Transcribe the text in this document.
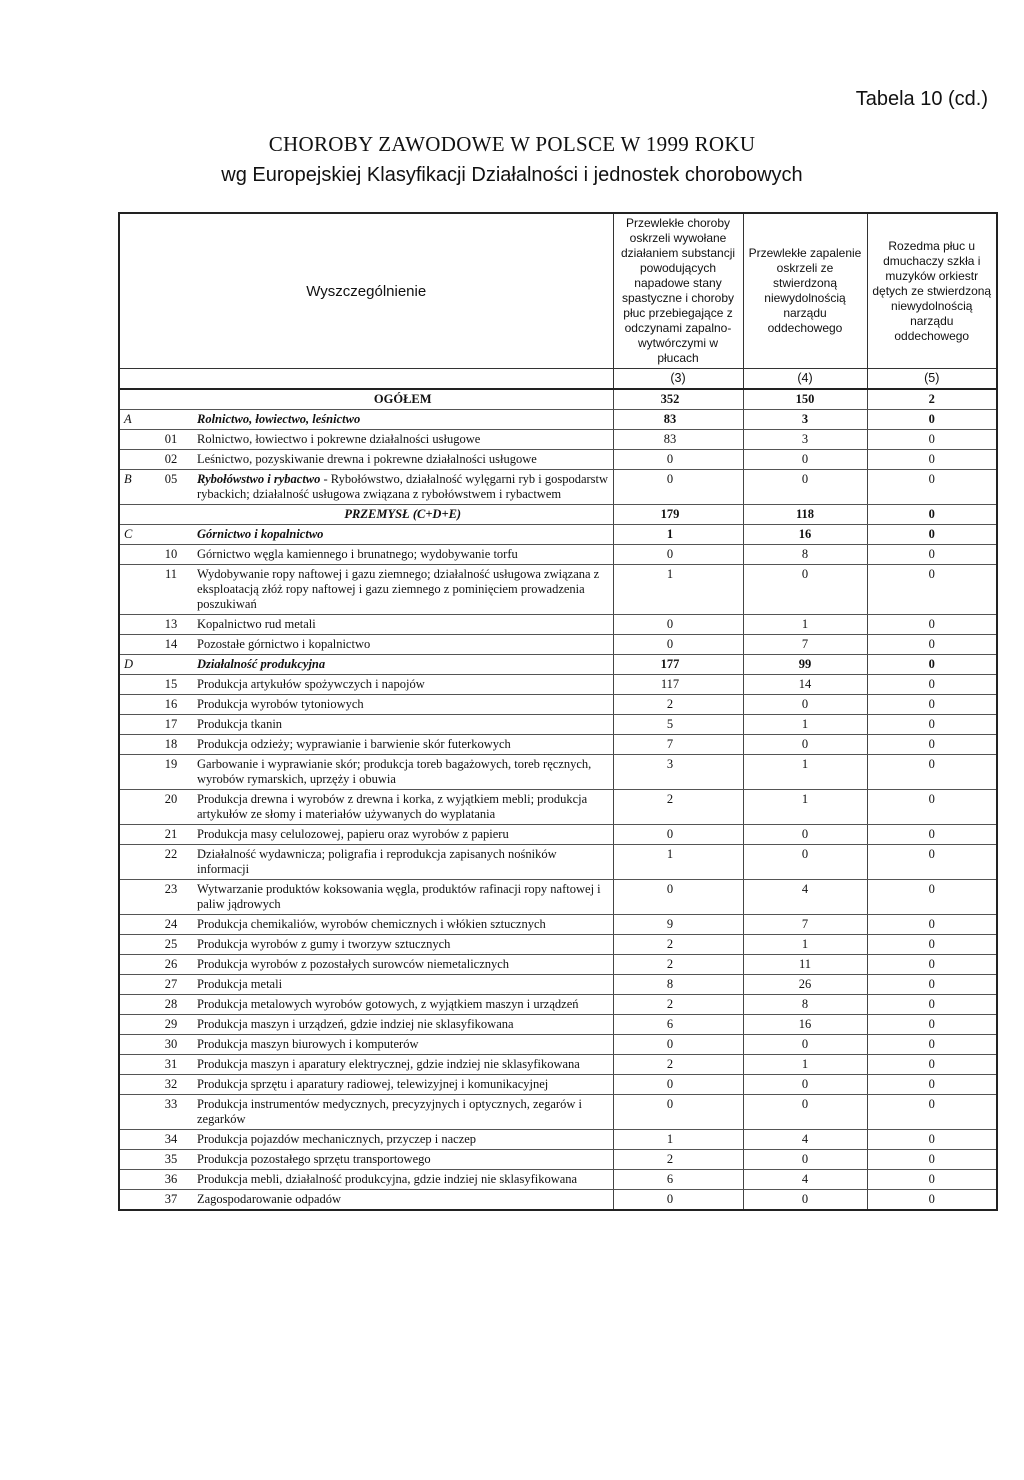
Tabela 10 (cd.)
CHOROBY ZAWODOWE W POLSCE W 1999 ROKU
wg Europejskiej Klasyfikacji Działalności i jednostek chorobowych
Wyszczególnienie			Przewlekłe choroby oskrzeli wywołane działaniem substancji powodujących napadowe stany spastyczne i choroby płuc przebiegające z odczynami zapalno-wytwórczymi w płucach	Przewlekłe zapalenie oskrzeli ze stwierdzoną niewydolnością narządu oddechowego	Rozedma płuc u dmuchaczy szkła i muzyków orkiestr dętych ze stwierdzoną niewydolnością narządu oddechowego
			(3)	(4)	(5)
		OGÓŁEM	352	150	2
A		Rolnictwo, łowiectwo, leśnictwo	83	3	0
	01	Rolnictwo, łowiectwo i pokrewne działalności usługowe	83	3	0
	02	Leśnictwo, pozyskiwanie drewna i pokrewne działalności usługowe	0	0	0
B	05	Rybołówstwo i rybactwo - Rybołówstwo, działalność wylęgarni ryb i gospodarstw rybackich; działalność usługowa związana z rybołówstwem i rybactwem	0	0	0
		PRZEMYSŁ (C+D+E)	179	118	0
C		Górnictwo i kopalnictwo	1	16	0
	10	Górnictwo węgla kamiennego i brunatnego; wydobywanie torfu	0	8	0
	11	Wydobywanie ropy naftowej i gazu ziemnego; działalność usługowa związana z eksploatacją złóż ropy naftowej i gazu ziemnego z pominięciem prowadzenia poszukiwań	1	0	0
	13	Kopalnictwo rud metali	0	1	0
	14	Pozostałe górnictwo i kopalnictwo	0	7	0
D		Działalność produkcyjna	177	99	0
	15	Produkcja artykułów spożywczych i napojów	117	14	0
	16	Produkcja wyrobów tytoniowych	2	0	0
	17	Produkcja tkanin	5	1	0
	18	Produkcja odzieży; wyprawianie i barwienie skór futerkowych	7	0	0
	19	Garbowanie i wyprawianie skór; produkcja toreb bagażowych, toreb ręcznych, wyrobów rymarskich, uprzęży i obuwia	3	1	0
	20	Produkcja drewna i wyrobów z drewna i korka, z wyjątkiem mebli; produkcja artykułów ze słomy i materiałów używanych do wyplatania	2	1	0
	21	Produkcja masy celulozowej, papieru oraz wyrobów z papieru	0	0	0
	22	Działalność wydawnicza; poligrafia i reprodukcja zapisanych nośników informacji	1	0	0
	23	Wytwarzanie produktów koksowania węgla, produktów rafinacji ropy naftowej i paliw jądrowych	0	4	0
	24	Produkcja chemikaliów, wyrobów chemicznych i włókien sztucznych	9	7	0
	25	Produkcja wyrobów z gumy i tworzyw sztucznych	2	1	0
	26	Produkcja wyrobów z pozostałych surowców niemetalicznych	2	11	0
	27	Produkcja metali	8	26	0
	28	Produkcja metalowych wyrobów gotowych, z wyjątkiem maszyn i urządzeń	2	8	0
	29	Produkcja maszyn i urządzeń, gdzie indziej nie sklasyfikowana	6	16	0
	30	Produkcja maszyn biurowych i komputerów	0	0	0
	31	Produkcja maszyn i aparatury elektrycznej, gdzie indziej nie sklasyfikowana	2	1	0
	32	Produkcja sprzętu i aparatury radiowej, telewizyjnej i komunikacyjnej	0	0	0
	33	Produkcja instrumentów medycznych, precyzyjnych i optycznych, zegarów i zegarków	0	0	0
	34	Produkcja pojazdów mechanicznych, przyczep i naczep	1	4	0
	35	Produkcja pozostałego sprzętu transportowego	2	0	0
	36	Produkcja mebli, działalność produkcyjna, gdzie indziej nie sklasyfikowana	6	4	0
	37	Zagospodarowanie odpadów	0	0	0
